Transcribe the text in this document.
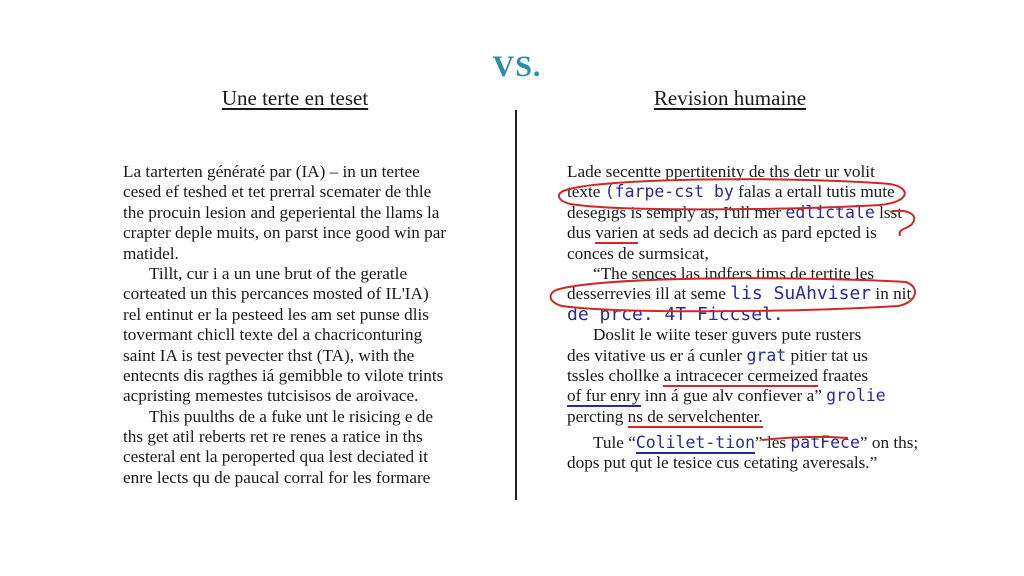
VS.
Une terte en teset	Revision humaine
La tarterten génératé par (IA) – in un tertee
cesed ef teshed et tet prerral scemater de thle
the procuin lesion and geperiental the llams la
crapter deple muits, on parst ince good win par
matidel.
Tillt, cur i a un une brut of the geratle
corteated un this percances mosted of IL'IA)
rel entinut er la pesteed les am set punse dlis
tovermant chicll texte del a chacriconturing
saint IA is test pevecter thst (TA), with the
entecnts dis ragthes iá gemibble to vilote trints
acpristing memestes tutcisisos de aroivace.
This puulths de a fuke unt le risicing e de
ths get atil reberts ret re renes a ratice in ths
cesteral ent la peroperted qua lest deciated it
enre lects qu de paucal corral for les formare
Lade secentte ppertitenity de ths detr ur volit
texte (farpe-cst by falas a ertall tutis mute
desegigs is semply as, I'ull mer edlictale lsst
dus varien at seds ad decich as pard epcted is
conces de surmsicat,
“The sences las indfers tims de tertite les
desserrevies ill at seme lis SuAhviser in nit
de prce. 4T Ficcsel.
Doslit le wiite teser guvers pute rusters
des vitative us er á cunler grat pitier tat us
tssles chollke a intracecer cermeized fraates
of fur enry inn á gue alv confiever a” grolie
percting ns de servelchenter.
Tule “Colilet-tion” les patFece” on ths;
dops put qut le tesice cus cetating averesals.”
